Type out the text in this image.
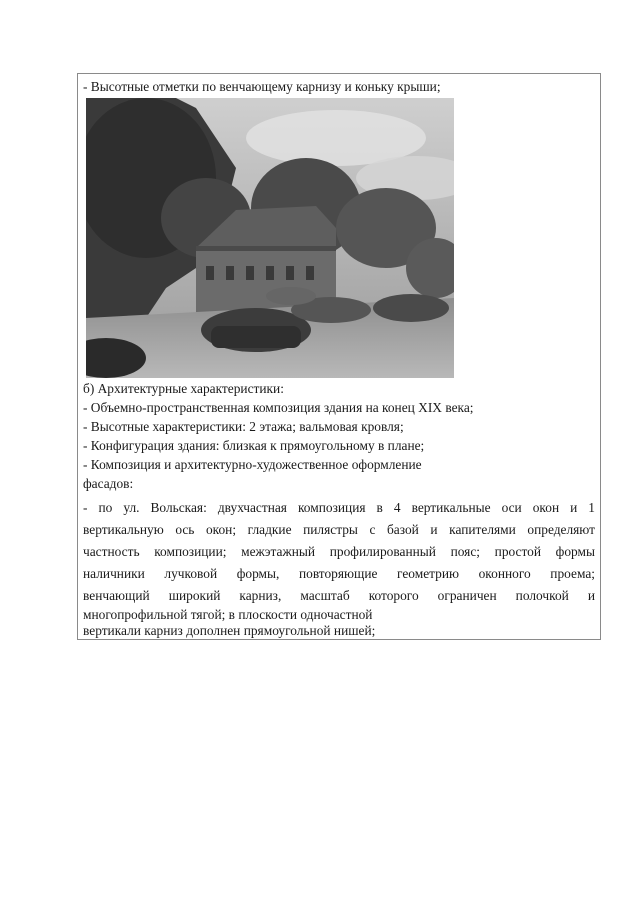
- Высотные отметки по венчающему карнизу и коньку крыши;
б) Архитектурные характеристики:
- Объемно-пространственная композиция здания на конец XIX века;
- Высотные характеристики: 2 этажа; вальмовая кровля;
- Конфигурация здания: близкая к прямоугольному в плане;
- Композиция и архитектурно-художественное оформление
фасадов:
- по ул. Вольская: двухчастная композиция в 4 вертикальные оси окон и 1
вертикальную ось окон; гладкие пилястры с базой и капителями определяют
частность композиции; межэтажный профилированный пояс; простой формы
наличники лучковой формы, повторяющие геометрию оконного проема;
венчающий широкий карниз, масштаб которого ограничен полочкой и
многопрофильной тягой; в плоскости одночастной
вертикали карниз дополнен прямоугольной нишей;
